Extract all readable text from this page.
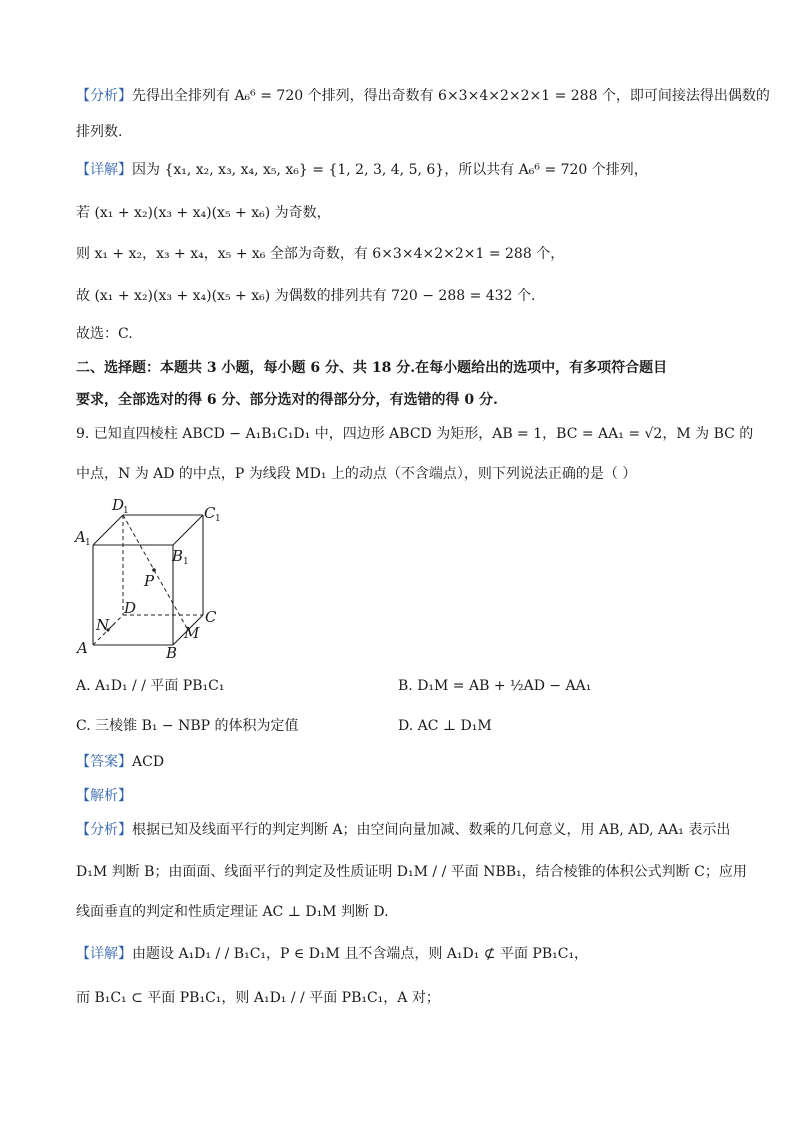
【分析】先得出全排列有 A₆⁶ = 720 个排列，得出奇数有 6×3×4×2×2×1 = 288 个，即可间接法得出偶数的
排列数.
【详解】因为 {x₁, x₂, x₃, x₄, x₅, x₆} = {1, 2, 3, 4, 5, 6}，所以共有 A₆⁶ = 720 个排列，
若 (x₁ + x₂)(x₃ + x₄)(x₅ + x₆) 为奇数，
则 x₁ + x₂，x₃ + x₄，x₅ + x₆ 全部为奇数，有 6×3×4×2×2×1 = 288 个，
故 (x₁ + x₂)(x₃ + x₄)(x₅ + x₆) 为偶数的排列共有 720 − 288 = 432 个.
故选：C.
二、选择题：本题共 3 小题，每小题 6 分、共 18 分.在每小题给出的选项中，有多项符合题目
要求，全部选对的得 6 分、部分选对的得部分分，有选错的得 0 分.
9. 已知直四棱柱 ABCD − A₁B₁C₁D₁ 中，四边形 ABCD 为矩形，AB = 1，BC = AA₁ = √2，M 为 BC 的
中点，N 为 AD 的中点，P 为线段 MD₁ 上的动点（不含端点），则下列说法正确的是（ ）
D
1	C 1
A 1
B 1
P
D	C
N	M
A	B
A. A₁D₁ / / 平面 PB₁C₁	B. D₁M = AB + ½AD − AA₁
C. 三棱锥 B₁ − NBP 的体积为定值	D. AC ⊥ D₁M
【答案】ACD
【解析】
【分析】根据已知及线面平行的判定判断 A；由空间向量加减、数乘的几何意义，用 AB, AD, AA₁ 表示出
D₁M 判断 B；由面面、线面平行的判定及性质证明 D₁M / / 平面 NBB₁，结合棱锥的体积公式判断 C；应用
线面垂直的判定和性质定理证 AC ⊥ D₁M 判断 D.
【详解】由题设 A₁D₁ / / B₁C₁，P ∈ D₁M 且不含端点，则 A₁D₁ ⊄ 平面 PB₁C₁，
而 B₁C₁ ⊂ 平面 PB₁C₁，则 A₁D₁ / / 平面 PB₁C₁，A 对；
